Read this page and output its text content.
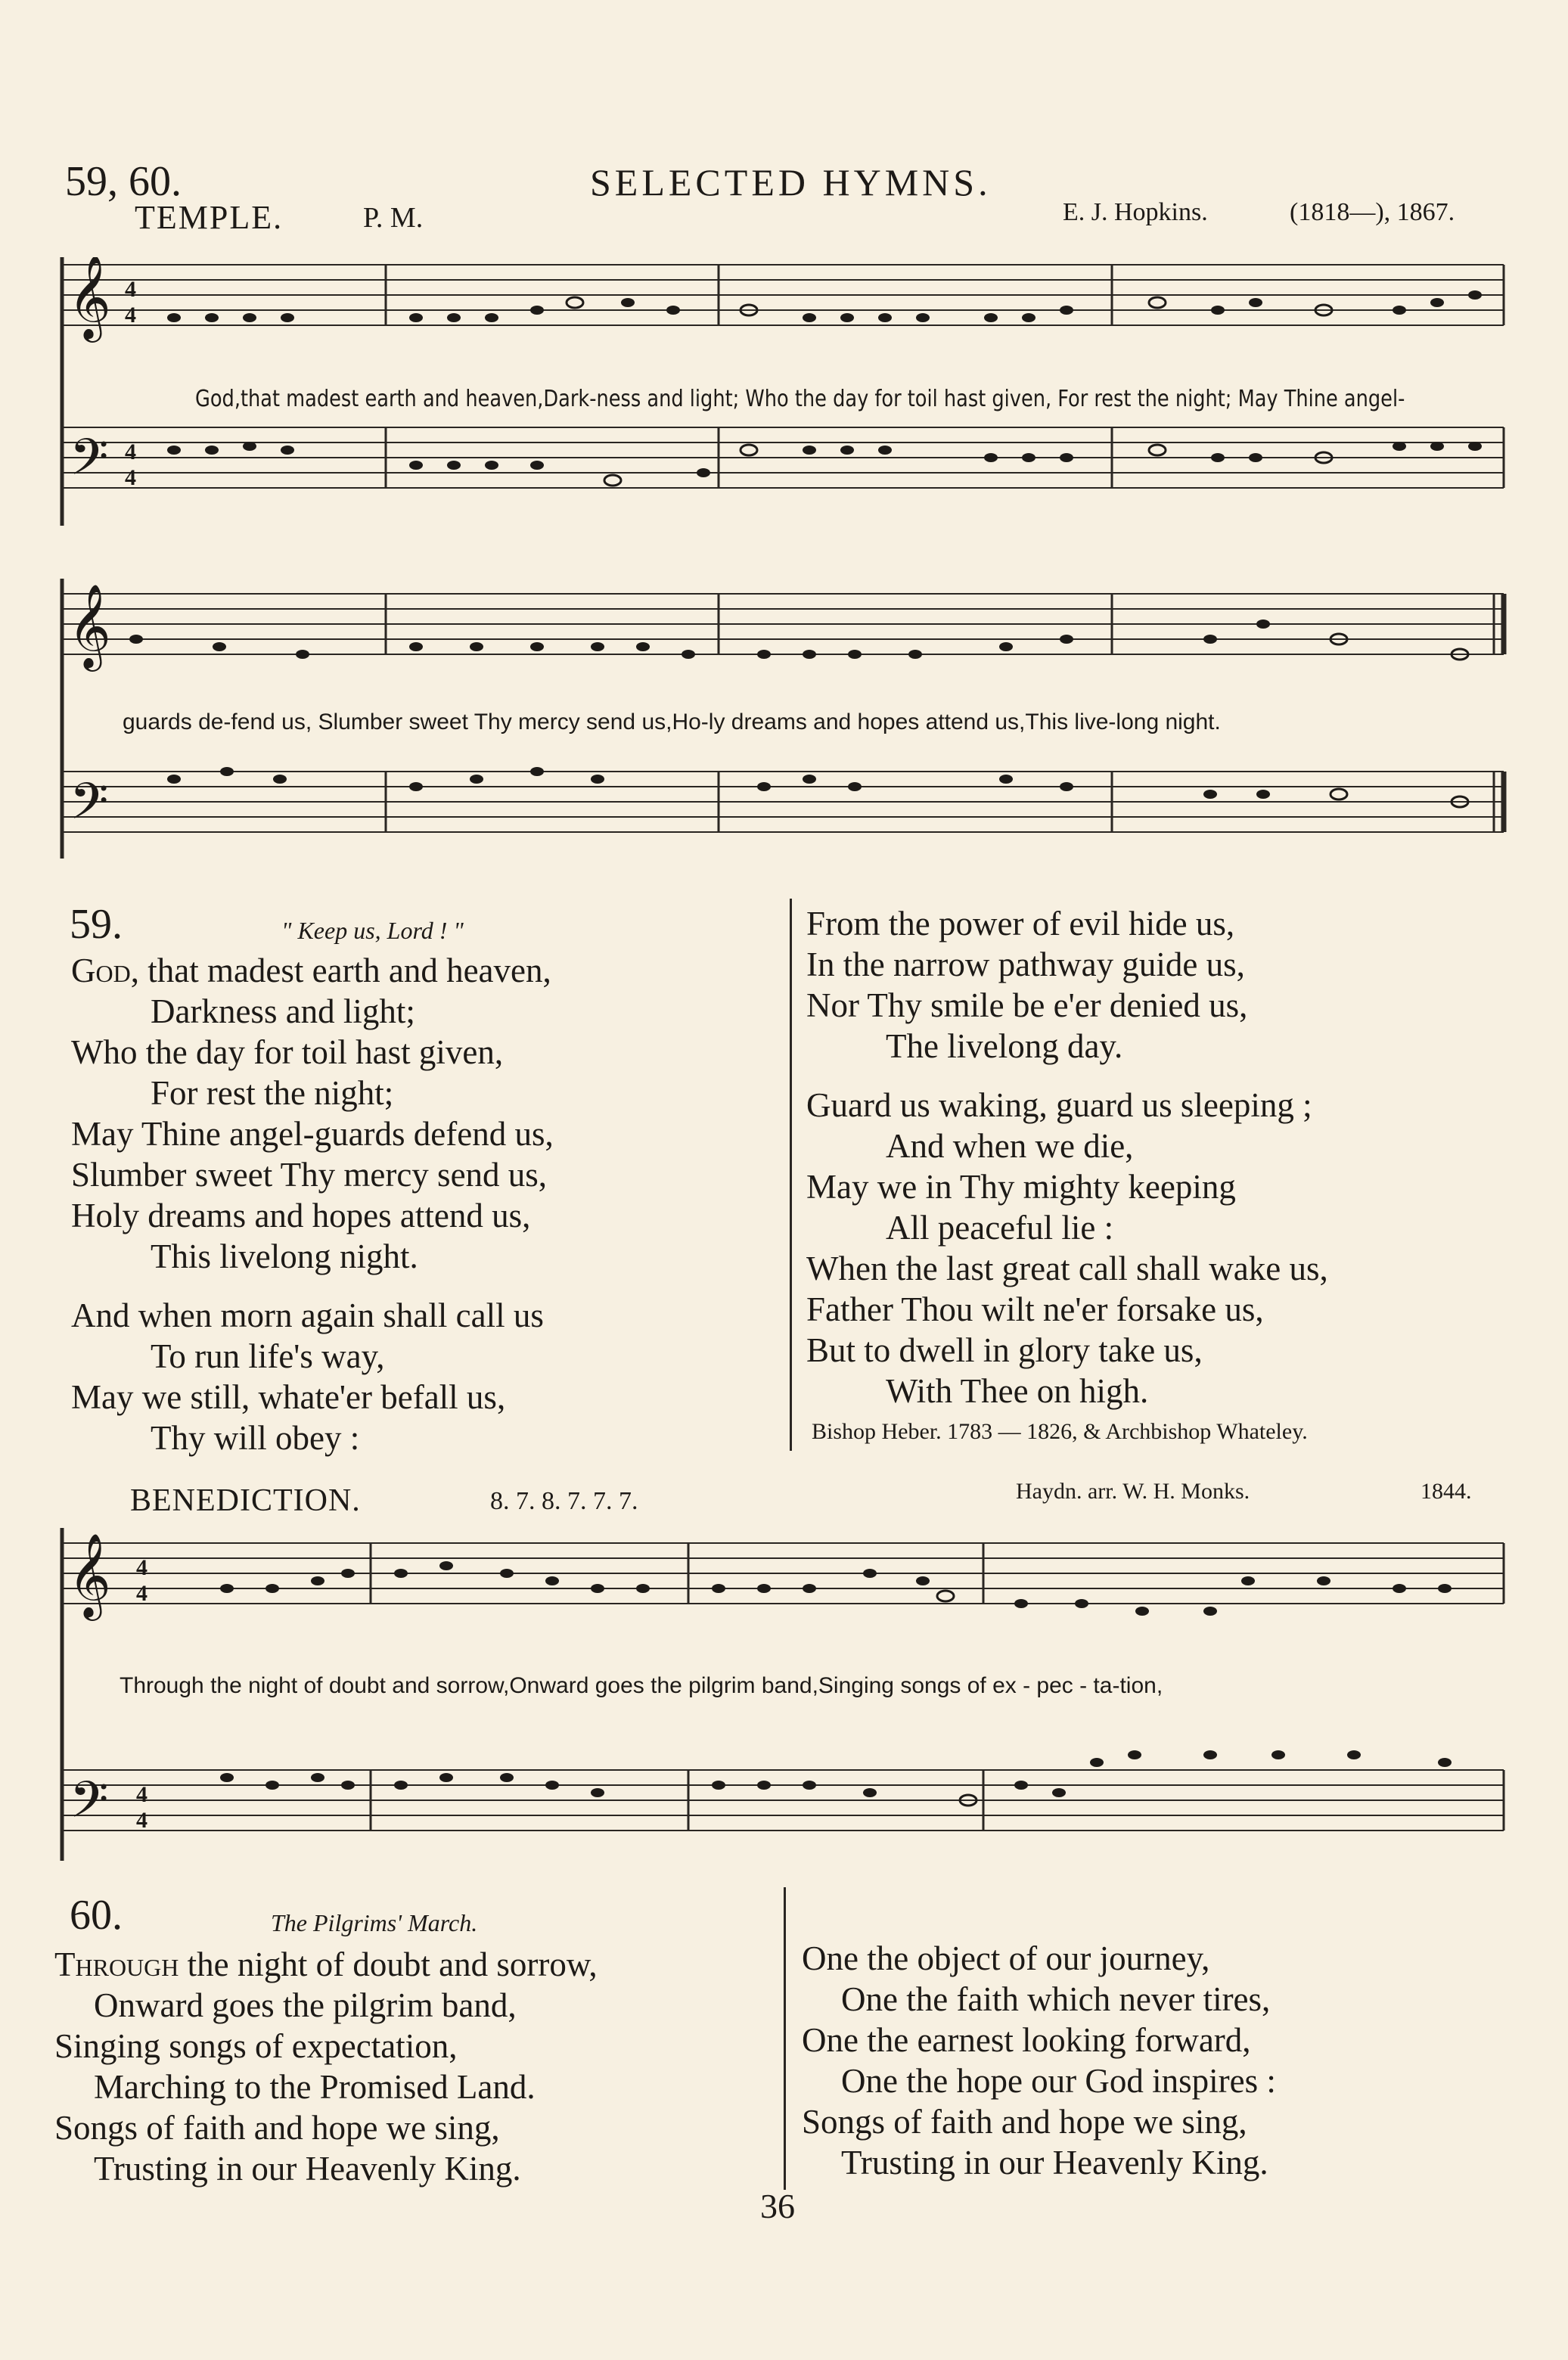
59, 60.	SELECTED HYMNS.
TEMPLE.	P. M.	E. J. Hopkins.	(1818—), 1867.
𝄞
𝄢
4
4
4
4
God,that madest earth and heaven,Dark-ness and light; Who the day for toil hast given, For rest the night; May Thine angel-
𝄞
𝄢
guards de-fend us, Slumber sweet Thy mercy send us,Ho-ly dreams and hopes attend us,This live-long night.
59.	" Keep us, Lord ! "
God, that madest earth and heaven,
Darkness and light;
Who the day for toil hast given,
For rest the night;
May Thine angel-guards defend us,
Slumber sweet Thy mercy send us,
Holy dreams and hopes attend us,
This livelong night.
And when morn again shall call us
To run life's way,
May we still, whate'er befall us,
Thy will obey :
From the power of evil hide us,
In the narrow pathway guide us,
Nor Thy smile be e'er denied us,
The livelong day.
Guard us waking, guard us sleeping ;
And when we die,
May we in Thy mighty keeping
All peaceful lie :
When the last great call shall wake us,
Father Thou wilt ne'er forsake us,
But to dwell in glory take us,
With Thee on high.
Bishop Heber. 1783 — 1826, & Archbishop Whateley.
BENEDICTION.	8. 7. 8. 7. 7. 7.	Haydn. arr. W. H. Monks.	1844.
𝄞
𝄢
4
4
4
4
Through the night of doubt and sorrow,Onward goes the pilgrim band,Singing songs of ex - pec - ta-tion,
60.	The Pilgrims' March.
Through the night of doubt and sorrow,
Onward goes the pilgrim band,
Singing songs of expectation,
Marching to the Promised Land.
Songs of faith and hope we sing,
Trusting in our Heavenly King.
One the object of our journey,
One the faith which never tires,
One the earnest looking forward,
One the hope our God inspires :
Songs of faith and hope we sing,
Trusting in our Heavenly King.
36
